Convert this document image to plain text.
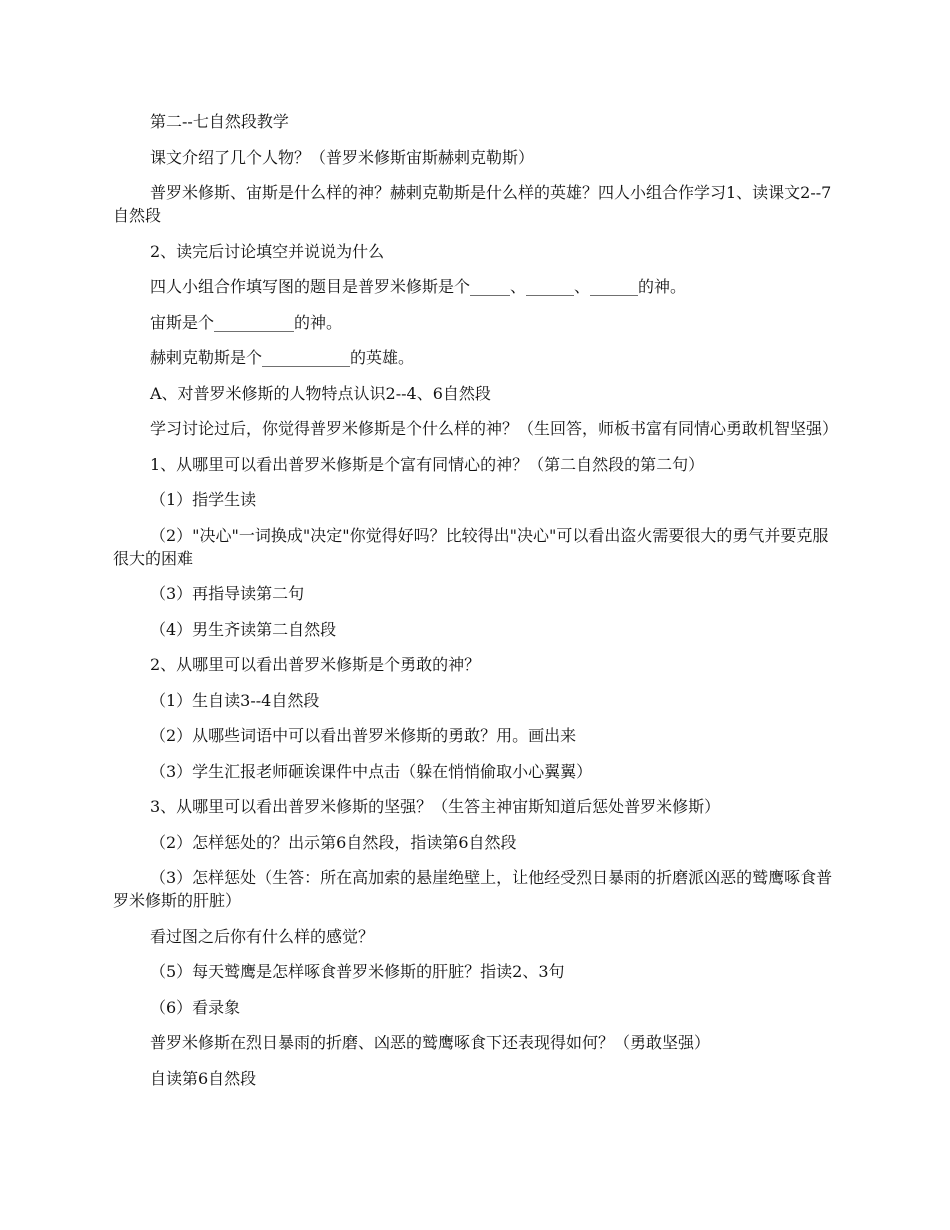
第二--七自然段教学

课文介绍了几个人物？（普罗米修斯宙斯赫剌克勒斯）

普罗米修斯、宙斯是什么样的神？赫剌克勒斯是什么样的英雄？四人小组合作学习1、读课文2--7自然段

2、读完后讨论填空并说说为什么

四人小组合作填写图的题目是普罗米修斯是个_____、______、______的神。

宙斯是个__________的神。

赫剌克勒斯是个___________的英雄。

A、对普罗米修斯的人物特点认识2--4、6自然段

学习讨论过后，你觉得普罗米修斯是个什么样的神？（生回答，师板书富有同情心勇敢机智坚强）

1、从哪里可以看出普罗米修斯是个富有同情心的神？（第二自然段的第二句）

（1）指学生读

（2）"决心"一词换成"决定"你觉得好吗？比较得出"决心"可以看出盗火需要很大的勇气并要克服很大的困难

（3）再指导读第二句

（4）男生齐读第二自然段

2、从哪里可以看出普罗米修斯是个勇敢的神？

（1）生自读3--4自然段

（2）从哪些词语中可以看出普罗米修斯的勇敢？用。画出来

（3）学生汇报老师砸诶课件中点击（躲在悄悄偷取小心翼翼）

3、从哪里可以看出普罗米修斯的坚强？（生答主神宙斯知道后惩处普罗米修斯）

（2）怎样惩处的？出示第6自然段，指读第6自然段

（3）怎样惩处（生答：所在高加索的悬崖绝壁上，让他经受烈日暴雨的折磨派凶恶的鹫鹰啄食普罗米修斯的肝脏）

看过图之后你有什么样的感觉？

（5）每天鹫鹰是怎样啄食普罗米修斯的肝脏？指读2、3句

（6）看录象

普罗米修斯在烈日暴雨的折磨、凶恶的鹫鹰啄食下还表现得如何？（勇敢坚强）

自读第6自然段
